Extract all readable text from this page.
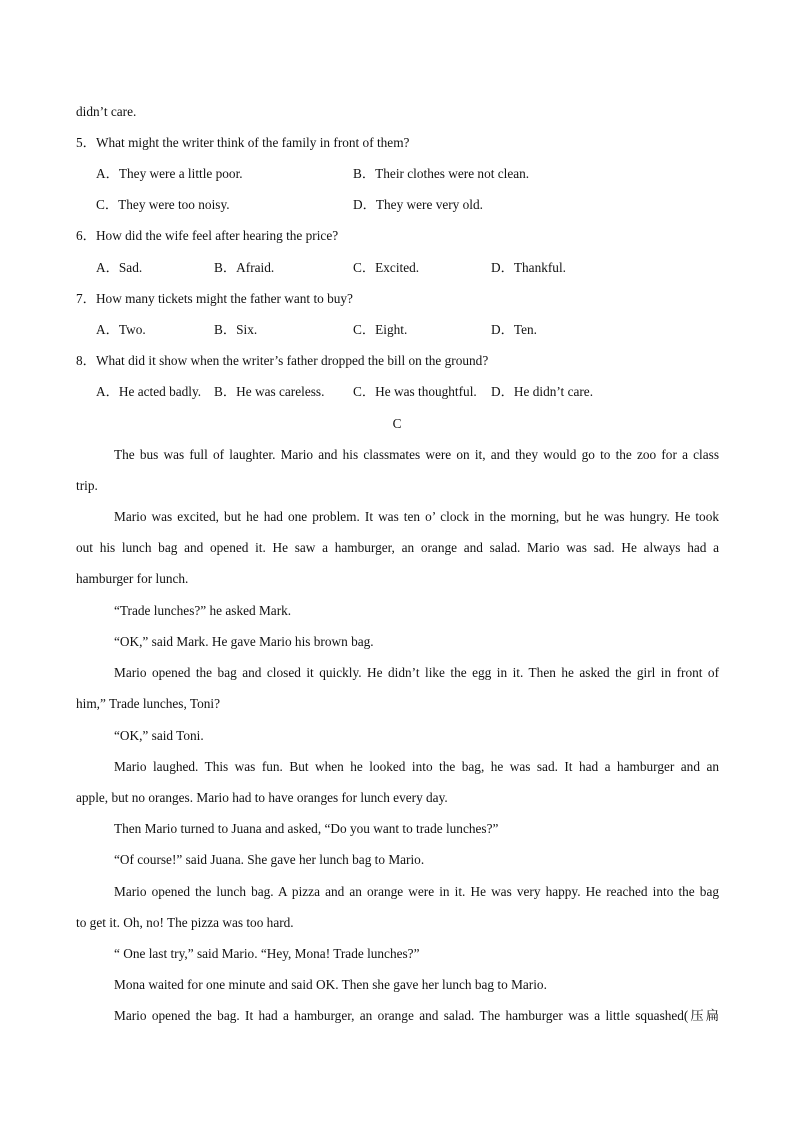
didn’t care.
5．What might the writer think of the family in front of them?
A．They were a little poor.	B．Their clothes were not clean.
C．They were too noisy.	D．They were very old.
6．How did the wife feel after hearing the price?
A．Sad.	B．Afraid.	C．Excited.	D．Thankful.
7．How many tickets might the father want to buy?
A．Two.	B．Six.	C．Eight.	D．Ten.
8．What did it show when the writer’s father dropped the bill on the ground?
A．He acted badly. B．He was careless. C．He was thoughtful. D．He didn’t care.
C
The bus was full of laughter. Mario and his classmates were on it, and they would go to the zoo for a class
trip.
Mario was excited, but he had one problem. It was ten o’ clock in the morning, but he was hungry. He took
out his lunch bag and opened it. He saw a hamburger, an orange and salad. Mario was sad. He always had a
hamburger for lunch.
“Trade lunches?” he asked Mark.
“OK,” said Mark. He gave Mario his brown bag.
Mario opened the bag and closed it quickly. He didn’t like the egg in it. Then he asked the girl in front of
him,” Trade lunches, Toni?
“OK,” said Toni.
Mario laughed. This was fun. But when he looked into the bag, he was sad. It had a hamburger and an
apple, but no oranges. Mario had to have oranges for lunch every day.
Then Mario turned to Juana and asked, “Do you want to trade lunches?”
“Of course!” said Juana. She gave her lunch bag to Mario.
Mario opened the lunch bag. A pizza and an orange were in it. He was very happy. He reached into the bag
to get it. Oh, no! The pizza was too hard.
“ One last try,” said Mario. “Hey, Mona! Trade lunches?”
Mona waited for one minute and said OK. Then she gave her lunch bag to Mario.
Mario opened the bag. It had a hamburger, an orange and salad. The hamburger was a little squashed(压扁
